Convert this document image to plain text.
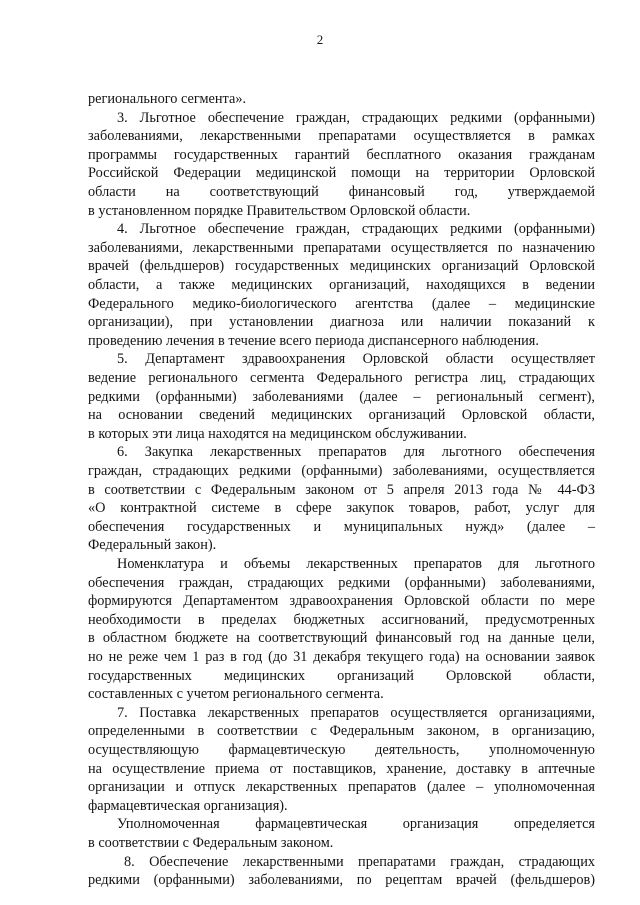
2
регионального сегмента».
3. Льготное обеспечение граждан, страдающих редкими (орфанными)
заболеваниями, лекарственными препаратами осуществляется в рамках
программы государственных гарантий бесплатного оказания гражданам
Российской Федерации медицинской помощи на территории Орловской
области на соответствующий финансовый год, утверждаемой
в установленном порядке Правительством Орловской области.
4. Льготное обеспечение граждан, страдающих редкими (орфанными)
заболеваниями, лекарственными препаратами осуществляется по назначению
врачей (фельдшеров) государственных медицинских организаций Орловской
области, а также медицинских организаций, находящихся в ведении
Федерального медико-биологического агентства (далее – медицинские
организации), при установлении диагноза или наличии показаний к
проведению лечения в течение всего периода диспансерного наблюдения.
5. Департамент здравоохранения Орловской области осуществляет
ведение регионального сегмента Федерального регистра лиц, страдающих
редкими (орфанными) заболеваниями (далее – региональный сегмент),
на основании сведений медицинских организаций Орловской области,
в которых эти лица находятся на медицинском обслуживании.
6. Закупка лекарственных препаратов для льготного обеспечения
граждан, страдающих редкими (орфанными) заболеваниями, осуществляется
в соответствии с Федеральным законом от 5 апреля 2013 года № 44-ФЗ
«О контрактной системе в сфере закупок товаров, работ, услуг для
обеспечения государственных и муниципальных нужд» (далее –
Федеральный закон).
Номенклатура и объемы лекарственных препаратов для льготного
обеспечения граждан, страдающих редкими (орфанными) заболеваниями,
формируются Департаментом здравоохранения Орловской области по мере
необходимости в пределах бюджетных ассигнований, предусмотренных
в областном бюджете на соответствующий финансовый год на данные цели,
но не реже чем 1 раз в год (до 31 декабря текущего года) на основании заявок
государственных медицинских организаций Орловской области,
составленных с учетом регионального сегмента.
7. Поставка лекарственных препаратов осуществляется организациями,
определенными в соответствии с Федеральным законом, в организацию,
осуществляющую фармацевтическую деятельность, уполномоченную
на осуществление приема от поставщиков, хранение, доставку в аптечные
организации и отпуск лекарственных препаратов (далее – уполномоченная
фармацевтическая организация).
Уполномоченная фармацевтическая организация определяется
в соответствии с Федеральным законом.
8. Обеспечение лекарственными препаратами граждан, страдающих
редкими (орфанными) заболеваниями, по рецептам врачей (фельдшеров)
